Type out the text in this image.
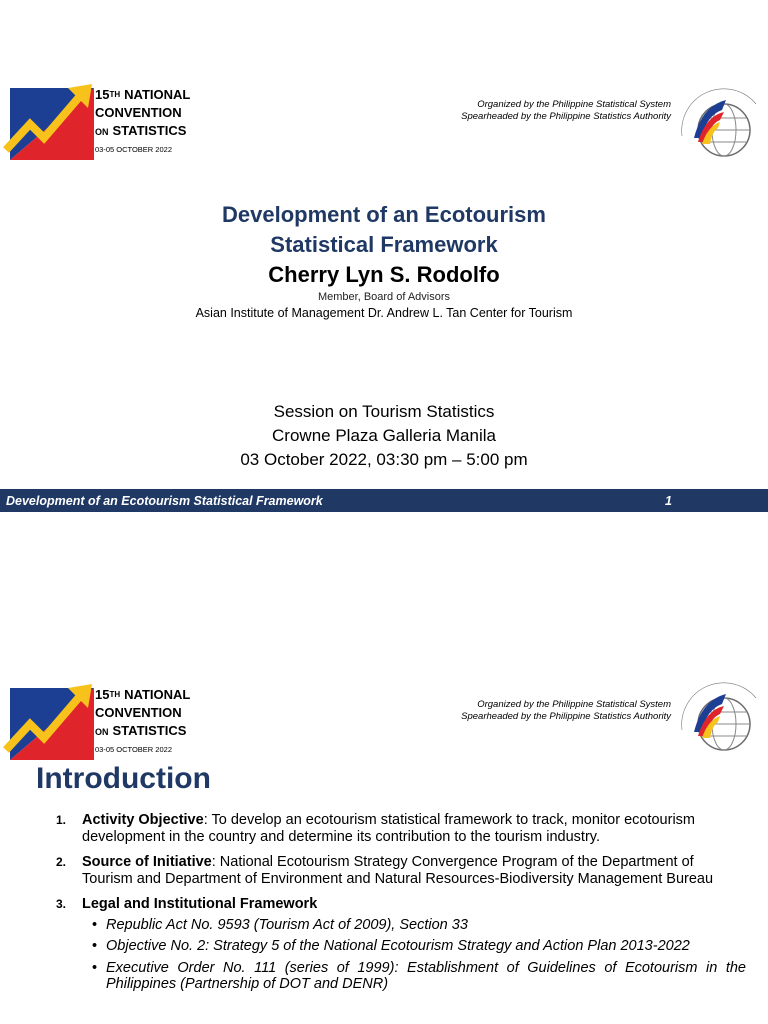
15TH NATIONAL
CONVENTION
ON STATISTICS
03-05 OCTOBER 2022
Organized by the Philippine Statistical System
Spearheaded by the Philippine Statistics Authority
Development of an Ecotourism
Statistical Framework
Cherry Lyn S. Rodolfo
Member, Board of Advisors
Asian Institute of Management Dr. Andrew L. Tan Center for Tourism
Session on Tourism Statistics
Crowne Plaza Galleria Manila
03 October 2022, 03:30 pm – 5:00 pm
Development of an Ecotourism Statistical Framework	1
15TH NATIONAL
CONVENTION
ON STATISTICS
03-05 OCTOBER 2022
Organized by the Philippine Statistical System
Spearheaded by the Philippine Statistics Authority
Introduction
1.	Activity Objective: To develop an ecotourism statistical framework to track, monitor ecotourism development in the country and determine its contribution to the tourism industry.
2.	Source of Initiative: National Ecotourism Strategy Convergence Program of the Department of Tourism and Department of Environment and Natural Resources-Biodiversity Management Bureau
3.	Legal and Institutional Framework
• Republic Act No. 9593 (Tourism Act of 2009), Section 33
• Objective No. 2: Strategy 5 of the National Ecotourism Strategy and Action Plan 2013-2022
• Executive Order No. 111 (series of 1999): Establishment of Guidelines of Ecotourism in the Philippines (Partnership of DOT and DENR)
